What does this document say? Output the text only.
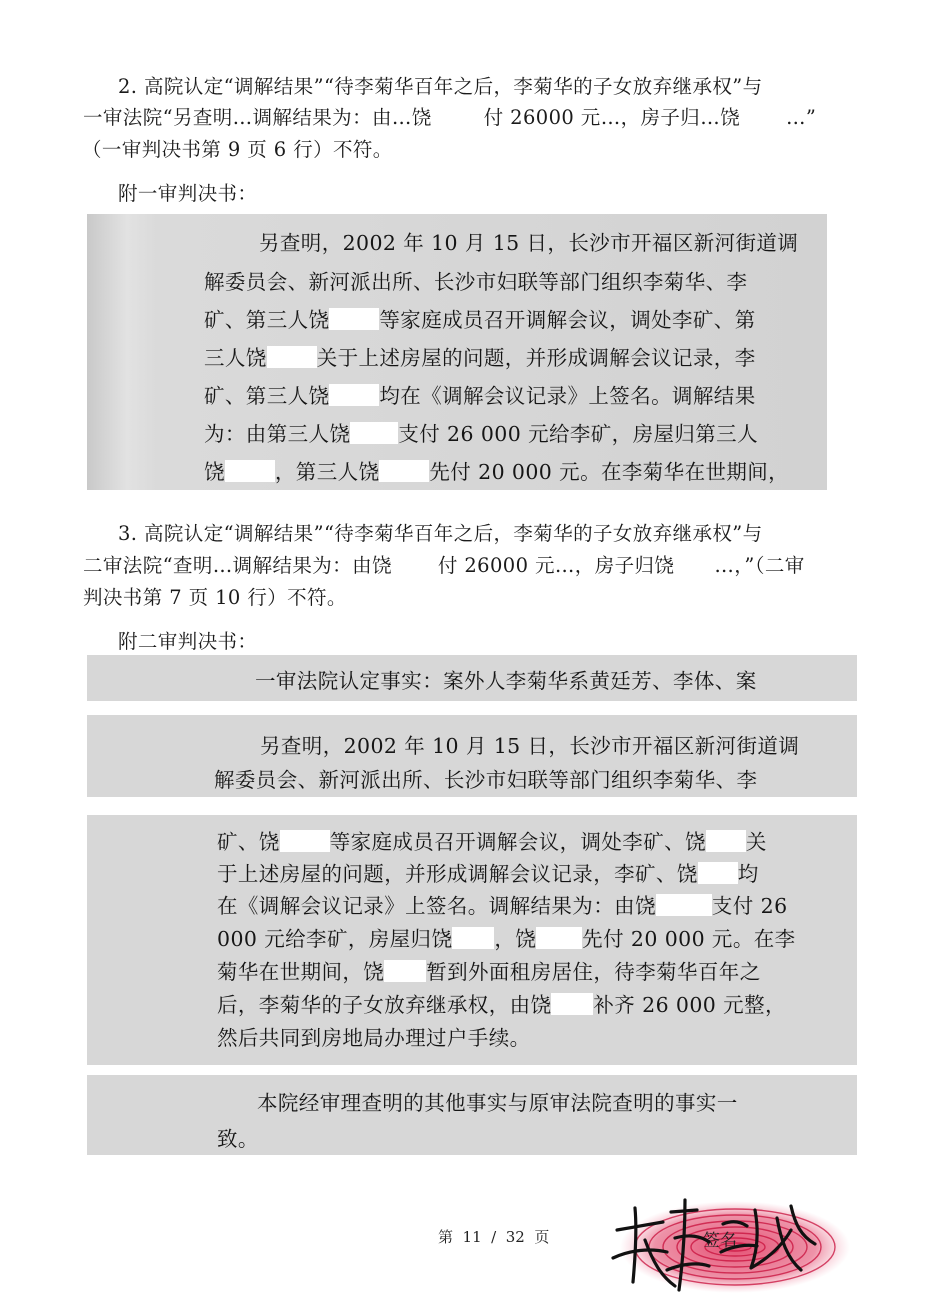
2. 高院认定“调解结果”“待李菊华百年之后，李菊华的子女放弃继承权”与
一审法院“另查明…调解结果为：由…饶	付 26000 元…，房子归…饶 …”
（一审判决书第 9 页 6 行）不符。
附一审判决书：
另查明，2002 年 10 月 15 日，长沙市开福区新河街道调
解委员会、新河派出所、长沙市妇联等部门组织李菊华、李
矿、第三人饶 等家庭成员召开调解会议，调处李矿、第
三人饶 关于上述房屋的问题，并形成调解会议记录，李
矿、第三人饶 均在《调解会议记录》上签名。调解结果
为：由第三人饶 支付 26 000 元给李矿，房屋归第三人
饶 ，第三人饶 先付 20 000 元。在李菊华在世期间，
3. 高院认定“调解结果”“待李菊华百年之后，李菊华的子女放弃继承权”与
二审法院“查明…调解结果为：由饶 付 26000 元…，房子归饶 …，”（二审
判决书第 7 页 10 行）不符。
附二审判决书：
一审法院认定事实：案外人李菊华系黄廷芳、李体、案
另查明，2002 年 10 月 15 日，长沙市开福区新河街道调
解委员会、新河派出所、长沙市妇联等部门组织李菊华、李

矿、饶 等家庭成员召开调解会议，调处李矿、饶 关
于上述房屋的问题，并形成调解会议记录，李矿、饶 均
在《调解会议记录》上签名。调解结果为：由饶	支付 26
000 元给李矿，房屋归饶 ，饶 先付 20 000 元。在李
菊华在世期间，饶 暂到外面租房居住，待李菊华百年之
后，李菊华的子女放弃继承权，由饶 补齐 26 000 元整，
然后共同到房地局办理过户手续。
本院经审理查明的其他事实与原审法院查明的事实一
致。
第  11  /  32  页	签名
